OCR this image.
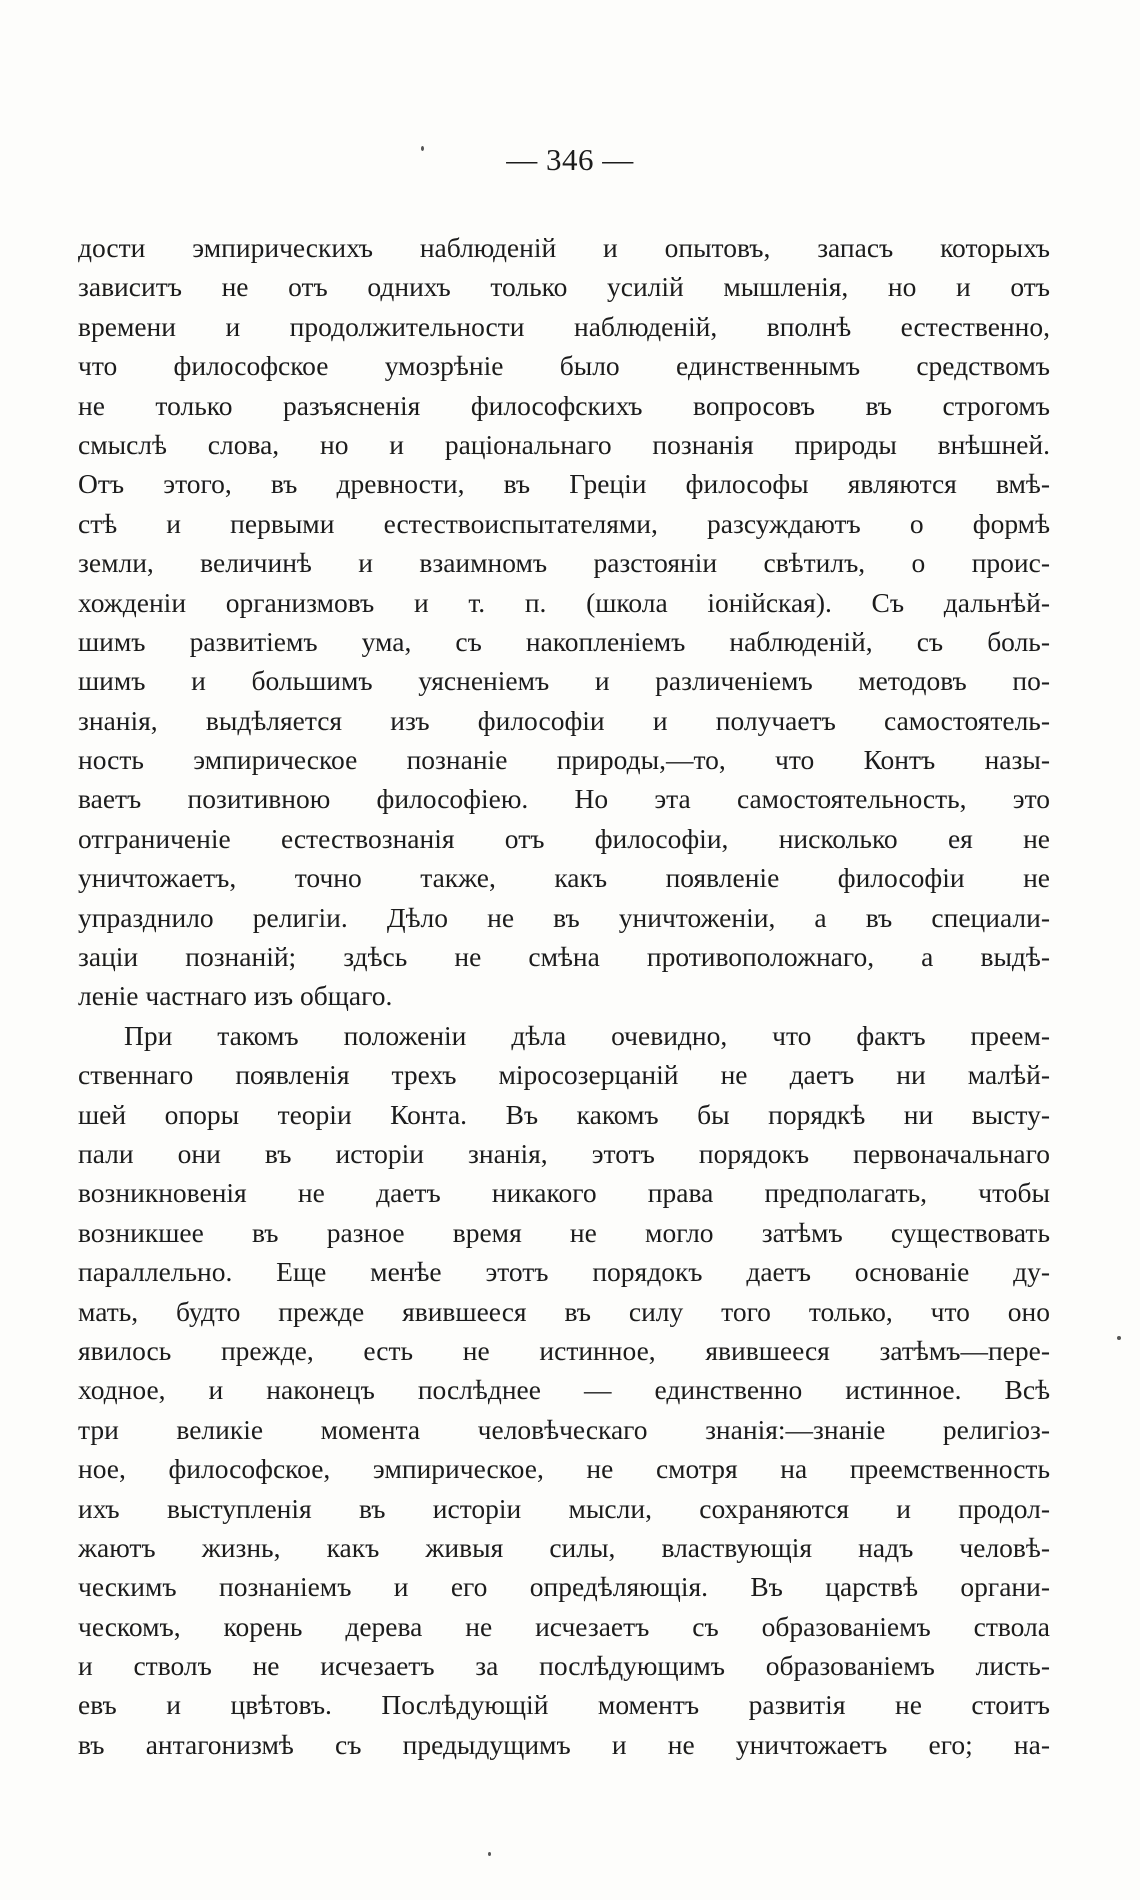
— 346 —
дости эмпирическихъ наблюденій и опытовъ, запасъ которыхъ
зависитъ не отъ однихъ только усилій мышленія, но и отъ
времени и продолжительности наблюденій, вполнѣ естественно,
что философское умозрѣніе было единственнымъ средствомъ
не только разъясненія философскихъ вопросовъ въ строгомъ
смыслѣ слова, но и раціональнаго познанія природы внѣшней.
Отъ этого, въ древности, въ Греціи философы являются вмѣ-
стѣ и первыми естествоиспытателями, разсуждаютъ о формѣ
земли, величинѣ и взаимномъ разстояніи свѣтилъ, о проис-
хожденіи организмовъ и т. п. (школа іонійская). Съ дальнѣй-
шимъ развитіемъ ума, съ накопленіемъ наблюденій, съ боль-
шимъ и большимъ уясненіемъ и различеніемъ методовъ по-
знанія, выдѣляется изъ философіи и получаетъ самостоятель-
ность эмпирическое познаніе природы,—то, что Контъ назы-
ваетъ позитивною философіею. Но эта самостоятельность, это
отграниченіе естествознанія отъ философіи, нисколько ея не
уничтожаетъ, точно также, какъ появленіе философіи не
упразднило религіи. Дѣло не въ уничтоженіи, а въ специали-
заціи познаній; здѣсь не смѣна противоположнаго, а выдѣ-
леніе частнаго изъ общаго.
При такомъ положеніи дѣла очевидно, что фактъ преем-
ственнаго появленія трехъ міросозерцаній не даетъ ни малѣй-
шей опоры теоріи Конта. Въ какомъ бы порядкѣ ни высту-
пали они въ исторіи знанія, этотъ порядокъ первоначальнаго
возникновенія не даетъ никакого права предполагать, чтобы
возникшее въ разное время не могло затѣмъ существовать
параллельно. Еще менѣе этотъ порядокъ даетъ основаніе ду-
мать, будто прежде явившееся въ силу того только, что оно
явилось прежде, есть не истинное, явившееся затѣмъ—пере-
ходное, и наконецъ послѣднее — единственно истинное. Всѣ
три великіе момента человѣческаго знанія:—знаніе религіоз-
ное, философское, эмпирическое, не смотря на преемственность
ихъ выступленія въ исторіи мысли, сохраняются и продол-
жаютъ жизнь, какъ живыя силы, властвующія надъ человѣ-
ческимъ познаніемъ и его опредѣляющія. Въ царствѣ органи-
ческомъ, корень дерева не исчезаетъ съ образованіемъ ствола
и стволъ не исчезаетъ за послѣдующимъ образованіемъ листь-
евъ и цвѣтовъ. Послѣдующій моментъ развитія не стоитъ
въ антагонизмѣ съ предыдущимъ и не уничтожаетъ его; на-
